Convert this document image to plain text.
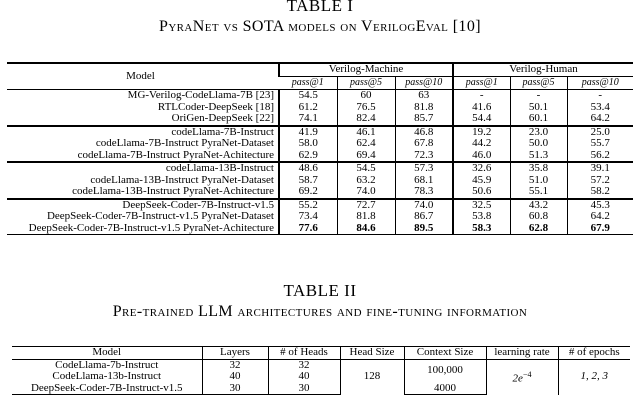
TABLE I
PyraNet vs SOTA models on VerilogEval [10]
Model	Verilog-Machine			Verilog-Human		
	pass@1	pass@5	pass@10	pass@1	pass@5	pass@10
MG-Verilog-CodeLlama-7B [23]	54.5	60	63	-	-	-
RTLCoder-DeepSeek [18]	61.2	76.5	81.8	41.6	50.1	53.4
OriGen-DeepSeek [22]	74.1	82.4	85.7	54.4	60.1	64.2
codeLlama-7B-Instruct	41.9	46.1	46.8	19.2	23.0	25.0
codeLlama-7B-Instruct PyraNet-Dataset	58.0	62.4	67.8	44.2	50.0	55.7
codeLlama-7B-Instruct PyraNet-Achitecture	62.9	69.4	72.3	46.0	51.3	56.2
codeLlama-13B-Instruct	48.6	54.5	57.3	32.6	35.8	39.1
codeLlama-13B-Instruct PyraNet-Dataset	58.7	63.2	68.1	45.9	51.0	57.2
codeLlama-13B-Instruct PyraNet-Achitecture	69.2	74.0	78.3	50.6	55.1	58.2
DeepSeek-Coder-7B-Instruct-v1.5	55.2	72.7	74.0	32.5	43.2	45.3
DeepSeek-Coder-7B-Instruct-v1.5 PyraNet-Dataset	73.4	81.8	86.7	53.8	60.8	64.2
DeepSeek-Coder-7B-Instruct-v1.5 PyraNet-Achitecture	77.6	84.6	89.5	58.3	62.8	67.9
TABLE II
Pre-trained LLM architectures and fine-tuning information
Model	Layers	# of Heads	Head Size	Context Size	learning rate	# of epochs
CodeLlama-7b-Instruct	32	32	128	100,000	$2e^{-4}$	1, 2, 3
CodeLlama-13b-Instruct	40	40				
DeepSeek-Coder-7B-Instruct-v1.5	30	30		4000		
